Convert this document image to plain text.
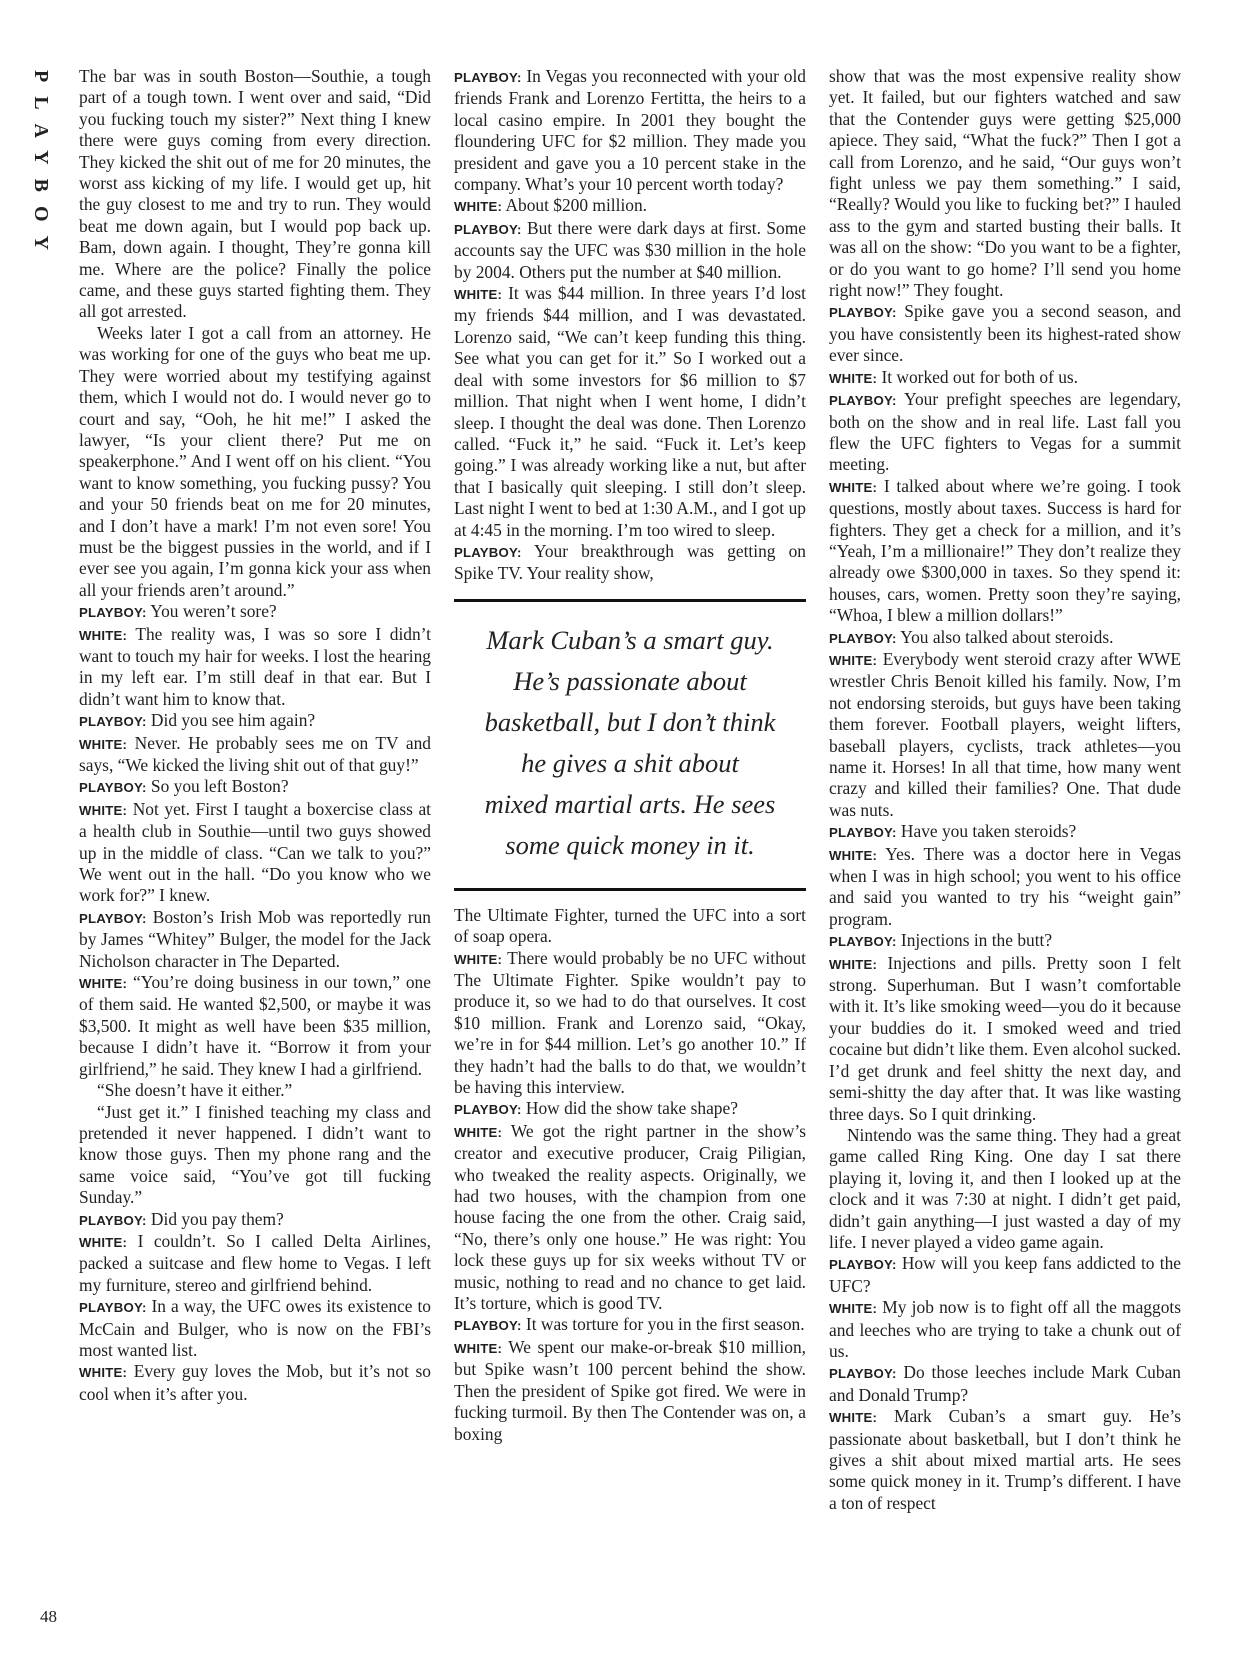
PLAYBOY The bar was in south Boston—Southie, a tough part of a tough town. I went over and said, “Did you fucking touch my sister?” Next thing I knew there were guys coming from every direction. They kicked the shit out of me for 20 minutes, the worst ass kicking of my life. I would get up, hit the guy closest to me and try to run. They would beat me down again, but I would pop back up. Bam, down again. I thought, They’re gonna kill me. Where are the police? Finally the police came, and these guys started fighting them. They all got arrested.

Weeks later I got a call from an attorney. He was working for one of the guys who beat me up. They were worried about my testifying against them, which I would not do. I would never go to court and say, “Ooh, he hit me!” I asked the lawyer, “Is your client there? Put me on speakerphone.” And I went off on his client. “You want to know something, you fucking pussy? You and your 50 friends beat on me for 20 minutes, and I don’t have a mark! I’m not even sore! You must be the biggest pussies in the world, and if I ever see you again, I’m gonna kick your ass when all your friends aren’t around.”

PLAYBOY: You weren’t sore?

WHITE: The reality was, I was so sore I didn’t want to touch my hair for weeks. I lost the hearing in my left ear. I’m still deaf in that ear. But I didn’t want him to know that.

PLAYBOY: Did you see him again?

WHITE: Never. He probably sees me on TV and says, “We kicked the living shit out of that guy!”

PLAYBOY: So you left Boston?

WHITE: Not yet. First I taught a boxercise class at a health club in Southie—until two guys showed up in the middle of class. “Can we talk to you?” We went out in the hall. “Do you know who we work for?” I knew.

PLAYBOY: Boston’s Irish Mob was reportedly run by James “Whitey” Bulger, the model for the Jack Nicholson character in The Departed.

WHITE: “You’re doing business in our town,” one of them said. He wanted $2,500, or maybe it was $3,500. It might as well have been $35 million, because I didn’t have it. “Borrow it from your girlfriend,” he said. They knew I had a girlfriend.

“She doesn’t have it either.”

“Just get it.” I finished teaching my class and pretended it never happened. I didn’t want to know those guys. Then my phone rang and the same voice said, “You’ve got till fucking Sunday.”

PLAYBOY: Did you pay them?

WHITE: I couldn’t. So I called Delta Airlines, packed a suitcase and flew home to Vegas. I left my furniture, stereo and girlfriend behind.

PLAYBOY: In a way, the UFC owes its existence to McCain and Bulger, who is now on the FBI’s most wanted list.

WHITE: Every guy loves the Mob, but it’s not so cool when it’s after you.

PLAYBOY: In Vegas you reconnected with your old friends Frank and Lorenzo Fertitta, the heirs to a local casino empire. In 2001 they bought the floundering UFC for $2 million. They made you president and gave you a 10 percent stake in the company. What’s your 10 percent worth today?

WHITE: About $200 million.

PLAYBOY: But there were dark days at first. Some accounts say the UFC was $30 million in the hole by 2004. Others put the number at $40 million.

WHITE: It was $44 million. In three years I’d lost my friends $44 million, and I was devastated. Lorenzo said, “We can’t keep funding this thing. See what you can get for it.” So I worked out a deal with some investors for $6 million to $7 million. That night when I went home, I didn’t sleep. I thought the deal was done. Then Lorenzo called. “Fuck it,” he said. “Fuck it. Let’s keep going.” I was already working like a nut, but after that I basically quit sleeping. I still don’t sleep. Last night I went to bed at 1:30 A.M., and I got up at 4:45 in the morning. I’m too wired to sleep.

PLAYBOY: Your breakthrough was getting on Spike TV. Your reality show,

Mark Cuban’s a smart guy.
He’s passionate about
basketball, but I don’t think
he gives a shit about
mixed martial arts. He sees
some quick money in it.

The Ultimate Fighter, turned the UFC into a sort of soap opera.

WHITE: There would probably be no UFC without The Ultimate Fighter. Spike wouldn’t pay to produce it, so we had to do that ourselves. It cost $10 million. Frank and Lorenzo said, “Okay, we’re in for $44 million. Let’s go another 10.” If they hadn’t had the balls to do that, we wouldn’t be having this interview.

PLAYBOY: How did the show take shape?

WHITE: We got the right partner in the show’s creator and executive producer, Craig Piligian, who tweaked the reality aspects. Originally, we had two houses, with the champion from one house facing the one from the other. Craig said, “No, there’s only one house.” He was right: You lock these guys up for six weeks without TV or music, nothing to read and no chance to get laid. It’s torture, which is good TV.

PLAYBOY: It was torture for you in the first season.

WHITE: We spent our make-or-break $10 million, but Spike wasn’t 100 percent behind the show. Then the president of Spike got fired. We were in fucking turmoil. By then The Contender was on, a boxing

show that was the most expensive reality show yet. It failed, but our fighters watched and saw that the Contender guys were getting $25,000 apiece. They said, “What the fuck?” Then I got a call from Lorenzo, and he said, “Our guys won’t fight unless we pay them something.” I said, “Really? Would you like to fucking bet?” I hauled ass to the gym and started busting their balls. It was all on the show: “Do you want to be a fighter, or do you want to go home? I’ll send you home right now!” They fought.

PLAYBOY: Spike gave you a second season, and you have consistently been its highest-rated show ever since.

WHITE: It worked out for both of us.

PLAYBOY: Your prefight speeches are legendary, both on the show and in real life. Last fall you flew the UFC fighters to Vegas for a summit meeting.

WHITE: I talked about where we’re going. I took questions, mostly about taxes. Success is hard for fighters. They get a check for a million, and it’s “Yeah, I’m a millionaire!” They don’t realize they already owe $300,000 in taxes. So they spend it: houses, cars, women. Pretty soon they’re saying, “Whoa, I blew a million dollars!”

PLAYBOY: You also talked about steroids.

WHITE: Everybody went steroid crazy after WWE wrestler Chris Benoit killed his family. Now, I’m not endorsing steroids, but guys have been taking them forever. Football players, weight lifters, baseball players, cyclists, track athletes—you name it. Horses! In all that time, how many went crazy and killed their families? One. That dude was nuts.

PLAYBOY: Have you taken steroids?

WHITE: Yes. There was a doctor here in Vegas when I was in high school; you went to his office and said you wanted to try his “weight gain” program.

PLAYBOY: Injections in the butt?

WHITE: Injections and pills. Pretty soon I felt strong. Superhuman. But I wasn’t comfortable with it. It’s like smoking weed—you do it because your buddies do it. I smoked weed and tried cocaine but didn’t like them. Even alcohol sucked. I’d get drunk and feel shitty the next day, and semi-shitty the day after that. It was like wasting three days. So I quit drinking.

Nintendo was the same thing. They had a great game called Ring King. One day I sat there playing it, loving it, and then I looked up at the clock and it was 7:30 at night. I didn’t get paid, didn’t gain anything—I just wasted a day of my life. I never played a video game again.

PLAYBOY: How will you keep fans addicted to the UFC?

WHITE: My job now is to fight off all the maggots and leeches who are trying to take a chunk out of us.

PLAYBOY: Do those leeches include Mark Cuban and Donald Trump?

WHITE: Mark Cuban’s a smart guy. He’s passionate about basketball, but I don’t think he gives a shit about mixed martial arts. He sees some quick money in it. Trump’s different. I have a ton of respect

48
